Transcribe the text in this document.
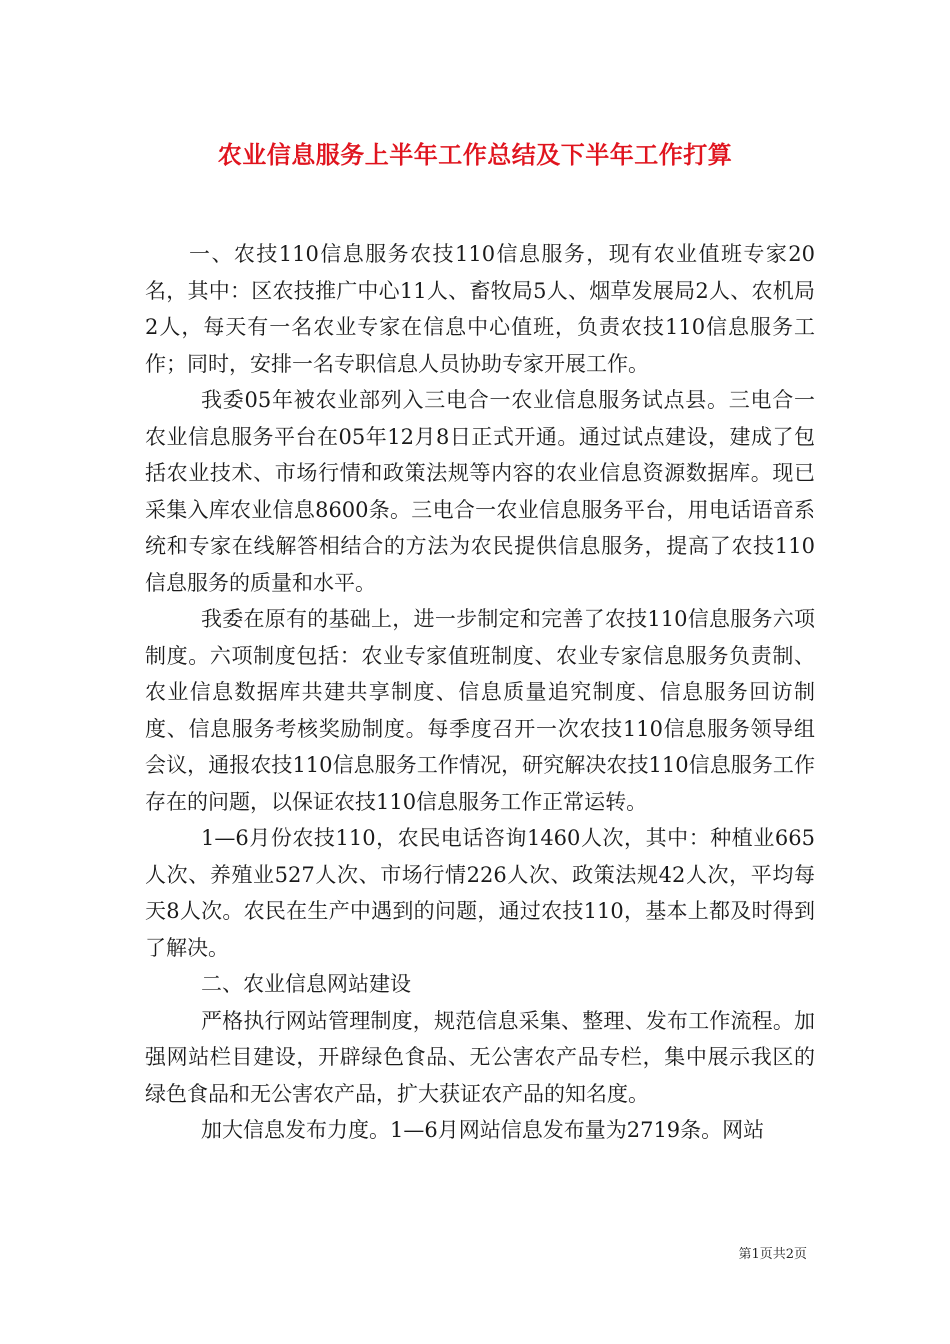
农业信息服务上半年工作总结及下半年工作打算

一、农技110信息服务农技110信息服务，现有农业值班专家20名，其中：区农技推广中心11人、畜牧局5人、烟草发展局2人、农机局2人，每天有一名农业专家在信息中心值班，负责农技110信息服务工作；同时，安排一名专职信息人员协助专家开展工作。

我委05年被农业部列入三电合一农业信息服务试点县。三电合一农业信息服务平台在05年12月8日正式开通。通过试点建设，建成了包括农业技术、市场行情和政策法规等内容的农业信息资源数据库。现已采集入库农业信息8600条。三电合一农业信息服务平台，用电话语音系统和专家在线解答相结合的方法为农民提供信息服务，提高了农技110信息服务的质量和水平。

我委在原有的基础上，进一步制定和完善了农技110信息服务六项制度。六项制度包括：农业专家值班制度、农业专家信息服务负责制、农业信息数据库共建共享制度、信息质量追究制度、信息服务回访制度、信息服务考核奖励制度。每季度召开一次农技110信息服务领导组会议，通报农技110信息服务工作情况，研究解决农技110信息服务工作存在的问题，以保证农技110信息服务工作正常运转。

1—6月份农技110，农民电话咨询1460人次，其中：种植业665人次、养殖业527人次、市场行情226人次、政策法规42人次，平均每天8人次。农民在生产中遇到的问题，通过农技110，基本上都及时得到了解决。

二、农业信息网站建设

严格执行网站管理制度，规范信息采集、整理、发布工作流程。加强网站栏目建设，开辟绿色食品、无公害农产品专栏，集中展示我区的绿色食品和无公害农产品，扩大获证农产品的知名度。

加大信息发布力度。1—6月网站信息发布量为2719条。网站

第1页共2页
